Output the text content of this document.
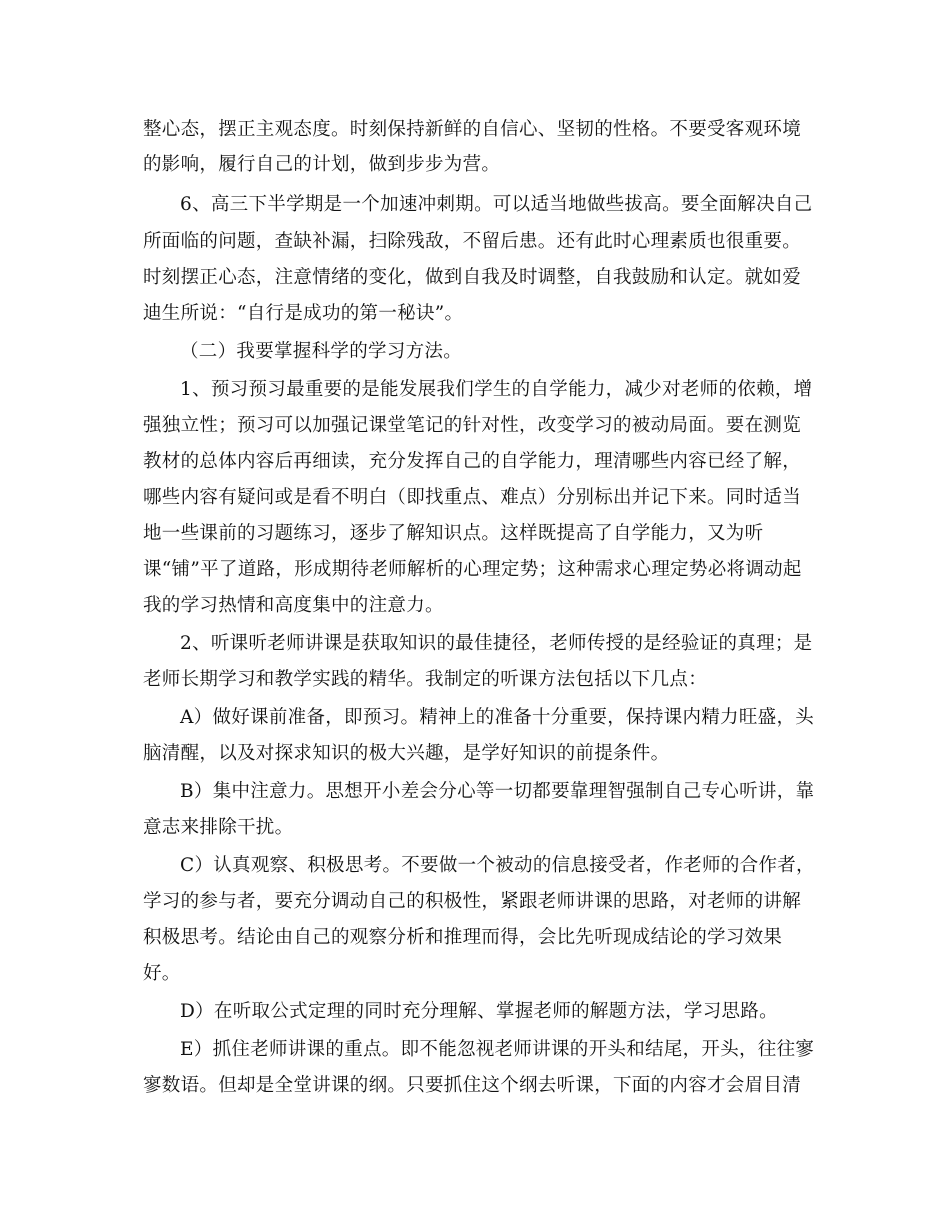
整心态，摆正主观态度。时刻保持新鲜的自信心、坚韧的性格。不要受客观环境
的影响，履行自己的计划，做到步步为营。
6、高三下半学期是一个加速冲刺期。可以适当地做些拔高。要全面解决自己
所面临的问题，查缺补漏，扫除残敌，不留后患。还有此时心理素质也很重要。
时刻摆正心态，注意情绪的变化，做到自我及时调整，自我鼓励和认定。就如爱
迪生所说：“自行是成功的第一秘诀”。
（二）我要掌握科学的学习方法。
1、预习预习最重要的是能发展我们学生的自学能力，减少对老师的依赖，增
强独立性；预习可以加强记课堂笔记的针对性，改变学习的被动局面。要在测览
教材的总体内容后再细读，充分发挥自己的自学能力，理清哪些内容已经了解，
哪些内容有疑问或是看不明白（即找重点、难点）分别标出并记下来。同时适当
地一些课前的习题练习，逐步了解知识点。这样既提高了自学能力，又为听
课“铺”平了道路，形成期待老师解析的心理定势；这种需求心理定势必将调动起
我的学习热情和高度集中的注意力。
2、听课听老师讲课是获取知识的最佳捷径，老师传授的是经验证的真理；是
老师长期学习和教学实践的精华。我制定的听课方法包括以下几点：
A）做好课前准备，即预习。精神上的准备十分重要，保持课内精力旺盛，头
脑清醒，以及对探求知识的极大兴趣，是学好知识的前提条件。
B）集中注意力。思想开小差会分心等一切都要靠理智强制自己专心听讲，靠
意志来排除干扰。
C）认真观察、积极思考。不要做一个被动的信息接受者，作老师的合作者，
学习的参与者，要充分调动自己的积极性，紧跟老师讲课的思路，对老师的讲解
积极思考。结论由自己的观察分析和推理而得，会比先听现成结论的学习效果
好。
D）在听取公式定理的同时充分理解、掌握老师的解题方法，学习思路。
E）抓住老师讲课的重点。即不能忽视老师讲课的开头和结尾，开头，往往寥
寥数语。但却是全堂讲课的纲。只要抓住这个纲去听课，下面的内容才会眉目清
